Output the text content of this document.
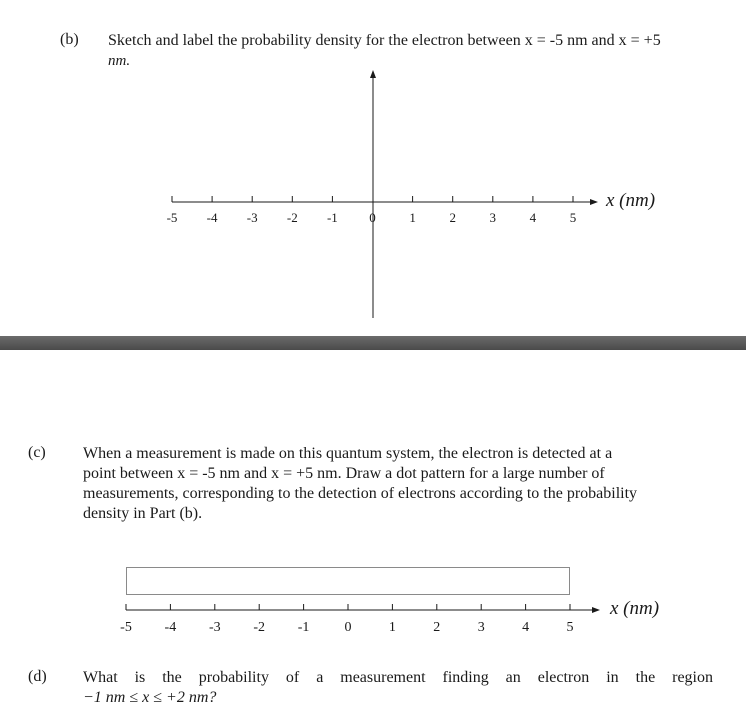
(b) Sketch and label the probability density for the electron between x = -5 nm and x = +5
nm.
-5 -4 -3 -2 -1 0	1	2	3	4	5
x (nm)
(c) When a measurement is made on this quantum system, the electron is detected at a
point between x = -5 nm and x = +5 nm. Draw a dot pattern for a large number of
measurements, corresponding to the detection of electrons according to the probability
density in Part (b).
-5 -4 -3 -2 -1	0	1	2	3	4	5
x (nm)
(d) What is the probability of a measurement finding an electron in the region
−1 nm ≤ x ≤ +2 nm?
